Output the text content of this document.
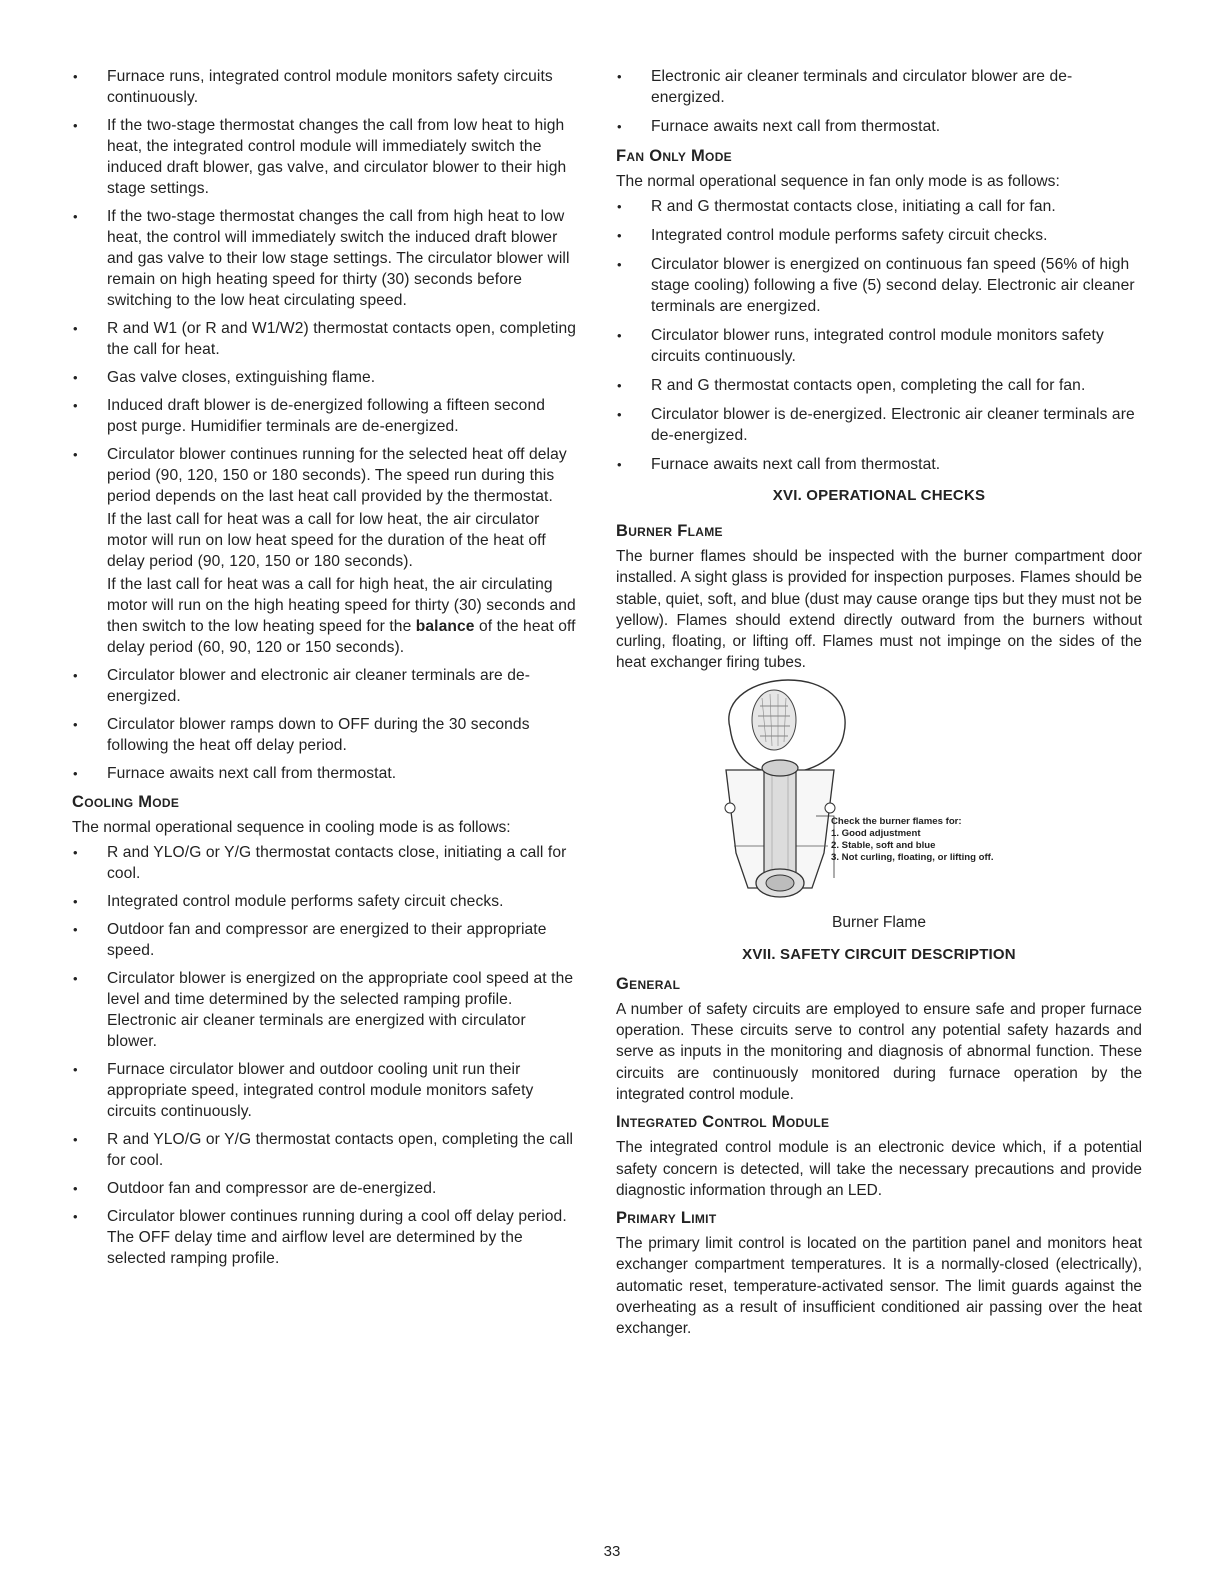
• Furnace runs, integrated control module monitors safety circuits continuously.
• If the two-stage thermostat changes the call from low heat to high heat, the integrated control module will immediately switch the induced draft blower, gas valve, and circulator blower to their high stage settings.
• If the two-stage thermostat changes the call from high heat to low heat, the control will immediately switch the induced draft blower and gas valve to their low stage settings. The circulator blower will remain on high heating speed for thirty (30) seconds before switching to the low heat circulating speed.
• R and W1 (or R and W1/W2) thermostat contacts open, completing the call for heat.
• Gas valve closes, extinguishing flame.
• Induced draft blower is de-energized following a fifteen second post purge. Humidifier terminals are de-energized.

• Circulator blower continues running for the selected heat off delay period (90, 120, 150 or 180 seconds). The speed run during this period depends on the last heat call provided by the thermostat.

If the last call for heat was a call for low heat, the air circulator motor will run on low heat speed for the duration of the heat off delay period (90, 120, 150 or 180 seconds).

If the last call for heat was a call for high heat, the air circulating motor will run on the high heating speed for thirty (30) seconds and then switch to the low heating speed for the balance of the heat off delay period (60, 90, 120 or 150 seconds).

• Circulator blower and electronic air cleaner terminals are de-energized.
• Circulator blower ramps down to OFF during the 30 seconds following the heat off delay period.
• Furnace awaits next call from thermostat.
Cooling Mode

The normal operational sequence in cooling mode is as follows:

• R and YLO/G or Y/G thermostat contacts close, initiating a call for cool.
• Integrated control module performs safety circuit checks.
• Outdoor fan and compressor are energized to their appropriate speed.
• Circulator blower is energized on the appropriate cool speed at the level and time determined by the selected ramping profile. Electronic air cleaner terminals are energized with circulator blower.
• Furnace circulator blower and outdoor cooling unit run their appropriate speed, integrated control module monitors safety circuits continuously.
• R and YLO/G or Y/G thermostat contacts open, completing the call for cool.
• Outdoor fan and compressor are de-energized.
• Circulator blower continues running during a cool off delay period. The OFF delay time and airflow level are determined by the selected ramping profile.
• Electronic air cleaner terminals and circulator blower are de-energized.
• Furnace awaits next call from thermostat.
Fan Only Mode

The normal operational sequence in fan only mode is as follows:

• R and G thermostat contacts close, initiating a call for fan.
• Integrated control module performs safety circuit checks.
• Circulator blower is energized on continuous fan speed (56% of high stage cooling) following a five (5) second delay. Electronic air cleaner terminals are energized.
• Circulator blower runs, integrated control module monitors safety circuits continuously.
• R and G thermostat contacts open, completing the call for fan.
• Circulator blower is de-energized. Electronic air cleaner terminals are de-energized.
• Furnace awaits next call from thermostat.
XVI. OPERATIONAL CHECKS
Burner Flame

The burner flames should be inspected with the burner compartment door installed. A sight glass is provided for inspection purposes. Flames should be stable, quiet, soft, and blue (dust may cause orange tips but they must not be yellow). Flames should extend directly outward from the burners without curling, floating, or lifting off. Flames must not impinge on the sides of the heat exchanger firing tubes.

Check the burner flames for:
1. Good adjustment
2. Stable, soft and blue
3. Not curling, floating, or lifting off.
Burner Flame
XVII. SAFETY CIRCUIT DESCRIPTION
General

A number of safety circuits are employed to ensure safe and proper furnace operation. These circuits serve to control any potential safety hazards and serve as inputs in the monitoring and diagnosis of abnormal function. These circuits are continuously monitored during furnace operation by the integrated control module.

Integrated Control Module

The integrated control module is an electronic device which, if a potential safety concern is detected, will take the necessary precautions and provide diagnostic information through an LED.

Primary Limit

The primary limit control is located on the partition panel and monitors heat exchanger compartment temperatures. It is a normally-closed (electrically), automatic reset, temperature-activated sensor. The limit guards against the overheating as a result of insufficient conditioned air passing over the heat exchanger.

33
